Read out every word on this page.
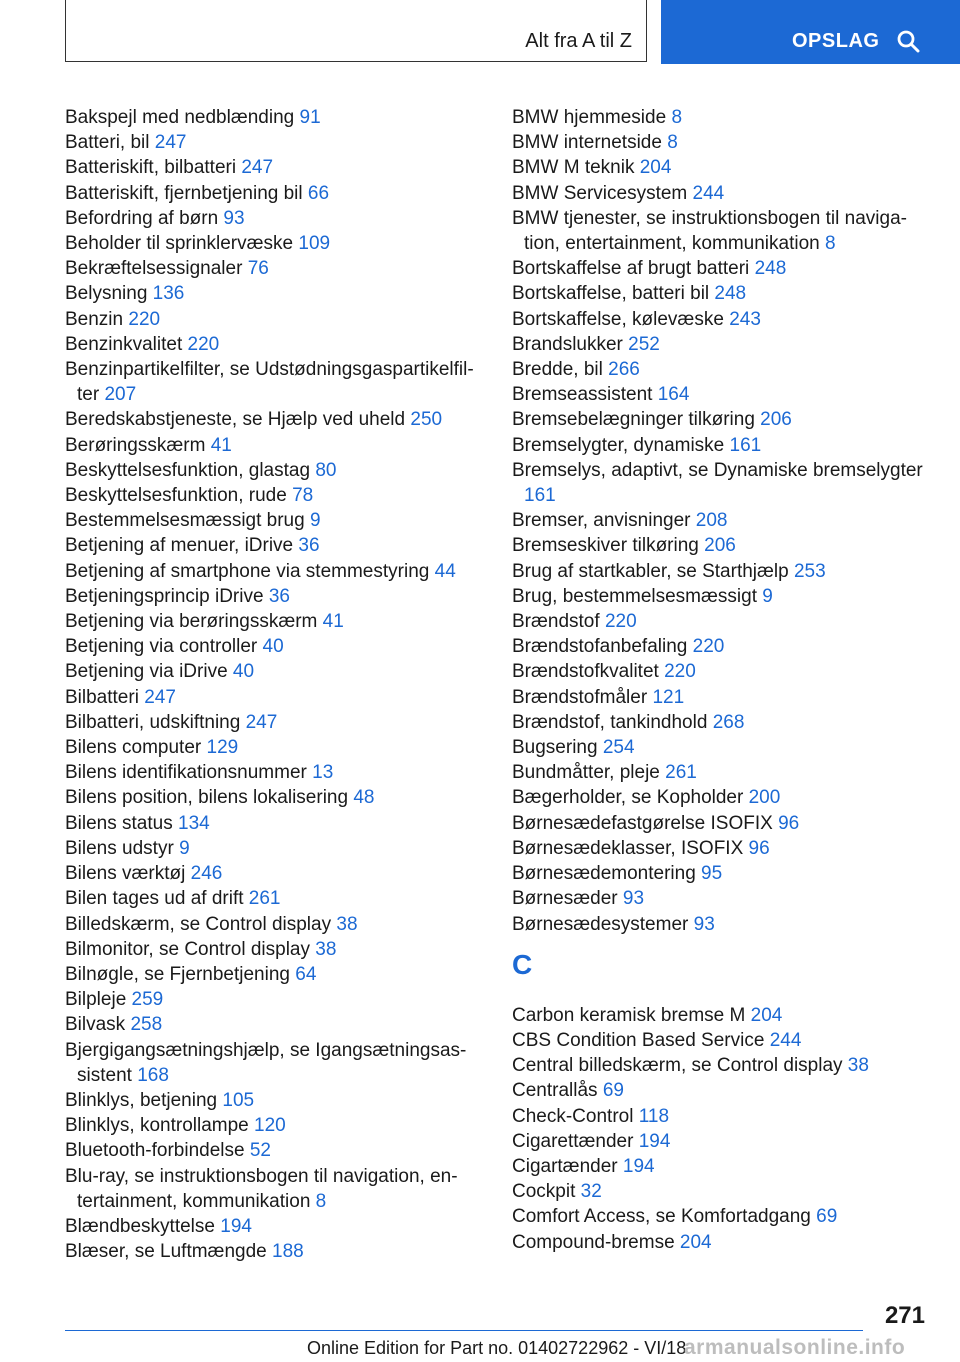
Alt fra A til Z	OPSLAG
Bakspejl med nedblænding 91
Batteri, bil 247
Batteriskift, bilbatteri 247
Batteriskift, fjernbetjening bil 66
Befordring af børn 93
Beholder til sprinklervæske 109
Bekræftelsessignaler 76
Belysning 136
Benzin 220
Benzinkvalitet 220
Benzinpartikelfilter, se Udstødningsgaspartikelfilter 207
Beredskabstjeneste, se Hjælp ved uheld 250
Berøringsskærm 41
Beskyttelsesfunktion, glastag 80
Beskyttelsesfunktion, rude 78
Bestemmelsesmæssigt brug 9
Betjening af menuer, iDrive 36
Betjening af smartphone via stemmestyring 44
Betjeningsprincip iDrive 36
Betjening via berøringsskærm 41
Betjening via controller 40
Betjening via iDrive 40
Bilbatteri 247
Bilbatteri, udskiftning 247
Bilens computer 129
Bilens identifikationsnummer 13
Bilens position, bilens lokalisering 48
Bilens status 134
Bilens udstyr 9
Bilens værktøj 246
Bilen tages ud af drift 261
Billedskærm, se Control display 38
Bilmonitor, se Control display 38
Bilnøgle, se Fjernbetjening 64
Bilpleje 259
Bilvask 258
Bjergigangsætningshjælp, se Igangsætningsassistent 168
Blinklys, betjening 105
Blinklys, kontrollampe 120
Bluetooth-forbindelse 52
Blu-ray, se instruktionsbogen til navigation, entertainment, kommunikation 8
Blændbeskyttelse 194
Blæser, se Luftmængde 188
BMW hjemmeside 8
BMW internetside 8
BMW M teknik 204
BMW Servicesystem 244
BMW tjenester, se instruktionsbogen til navigation, entertainment, kommunikation 8
Bortskaffelse af brugt batteri 248
Bortskaffelse, batteri bil 248
Bortskaffelse, kølevæske 243
Brandslukker 252
Bredde, bil 266
Bremseassistent 164
Bremsebelægninger tilkøring 206
Bremselygter, dynamiske 161
Bremselys, adaptivt, se Dynamiske bremselygter 161
Bremser, anvisninger 208
Bremseskiver tilkøring 206
Brug af startkabler, se Starthjælp 253
Brug, bestemmelsesmæssigt 9
Brændstof 220
Brændstofanbefaling 220
Brændstofkvalitet 220
Brændstofmåler 121
Brændstof, tankindhold 268
Bugsering 254
Bundmåtter, pleje 261
Bægerholder, se Kopholder 200
Børnesædefastgørelse ISOFIX 96
Børnesædeklasser, ISOFIX 96
Børnesædemontering 95
Børnesæder 93
Børnesædesystemer 93
C
Carbon keramisk bremse M 204
CBS Condition Based Service 244
Central billedskærm, se Control display 38
Centrallås 69
Check-Control 118
Cigarettænder 194
Cigartænder 194
Cockpit 32
Comfort Access, se Komfortadgang 69
Compound-bremse 204
271
Online Edition for Part no. 01402722962 - VI/18
armanualsonline.info
